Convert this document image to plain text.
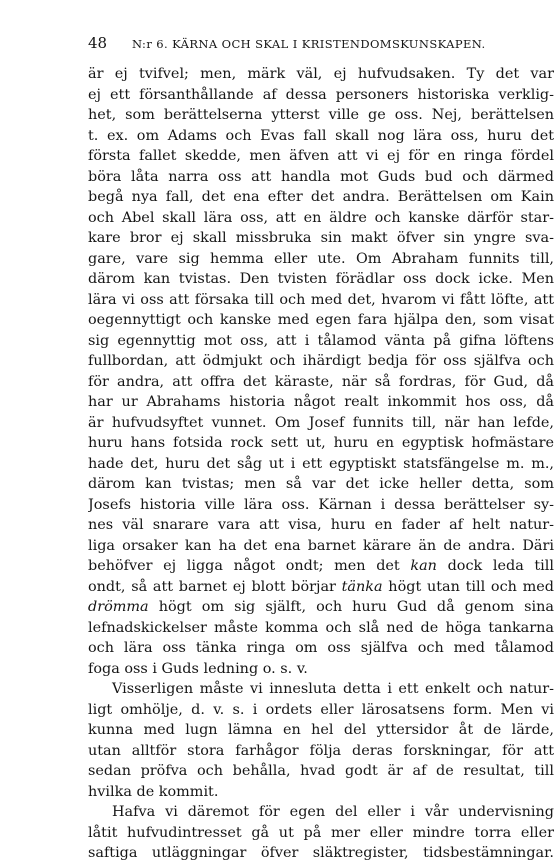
48	N:r 6. KÄRNA OCH SKAL I KRISTENDOMSKUNSKAPEN.
är ej tvifvel; men, märk väl, ej hufvudsaken. Ty det var
ej ett försanthållande af dessa personers historiska verklig-
het, som berättelserna ytterst ville ge oss. Nej, berättelsen
t. ex. om Adams och Evas fall skall nog lära oss, huru det
första fallet skedde, men äfven att vi ej för en ringa fördel
böra låta narra oss att handla mot Guds bud och därmed
begå nya fall, det ena efter det andra. Berättelsen om Kain
och Abel skall lära oss, att en äldre och kanske därför star-
kare bror ej skall missbruka sin makt öfver sin yngre sva-
gare, vare sig hemma eller ute. Om Abraham funnits till,
därom kan tvistas. Den tvisten förädlar oss dock icke. Men
lära vi oss att försaka till och med det, hvarom vi fått löfte, att
oegennyttigt och kanske med egen fara hjälpa den, som visat
sig egennyttig mot oss, att i tålamod vänta på gifna löftens
fullbordan, att ödmjukt och ihärdigt bedja för oss själfva och
för andra, att offra det käraste, när så fordras, för Gud, då
har ur Abrahams historia något realt inkommit hos oss, då
är hufvudsyftet vunnet. Om Josef funnits till, när han lefde,
huru hans fotsida rock sett ut, huru en egyptisk hofmästare
hade det, huru det såg ut i ett egyptiskt statsfängelse m. m.,
därom kan tvistas; men så var det icke heller detta, som
Josefs historia ville lära oss. Kärnan i dessa berättelser sy-
nes väl snarare vara att visa, huru en fader af helt natur-
liga orsaker kan ha det ena barnet kärare än de andra. Däri
behöfver ej ligga något ondt; men det kan dock leda till
ondt, så att barnet ej blott börjar tänka högt utan till och med
drömma högt om sig själft, och huru Gud då genom sina
lefnadskickelser måste komma och slå ned de höga tankarna
och lära oss tänka ringa om oss själfva och med tålamod
foga oss i Guds ledning o. s. v.
Visserligen måste vi innesluta detta i ett enkelt och natur-
ligt omhölje, d. v. s. i ordets eller lärosatsens form. Men vi
kunna med lugn lämna en hel del yttersidor åt de lärde,
utan alltför stora farhågor följa deras forskningar, för att
sedan pröfva och behålla, hvad godt är af de resultat, till
hvilka de kommit.
Hafva vi däremot för egen del eller i vår undervisning
låtit hufvudintresset gå ut på mer eller mindre torra eller
saftiga utläggningar öfver släktregister, tidsbestämningar.
